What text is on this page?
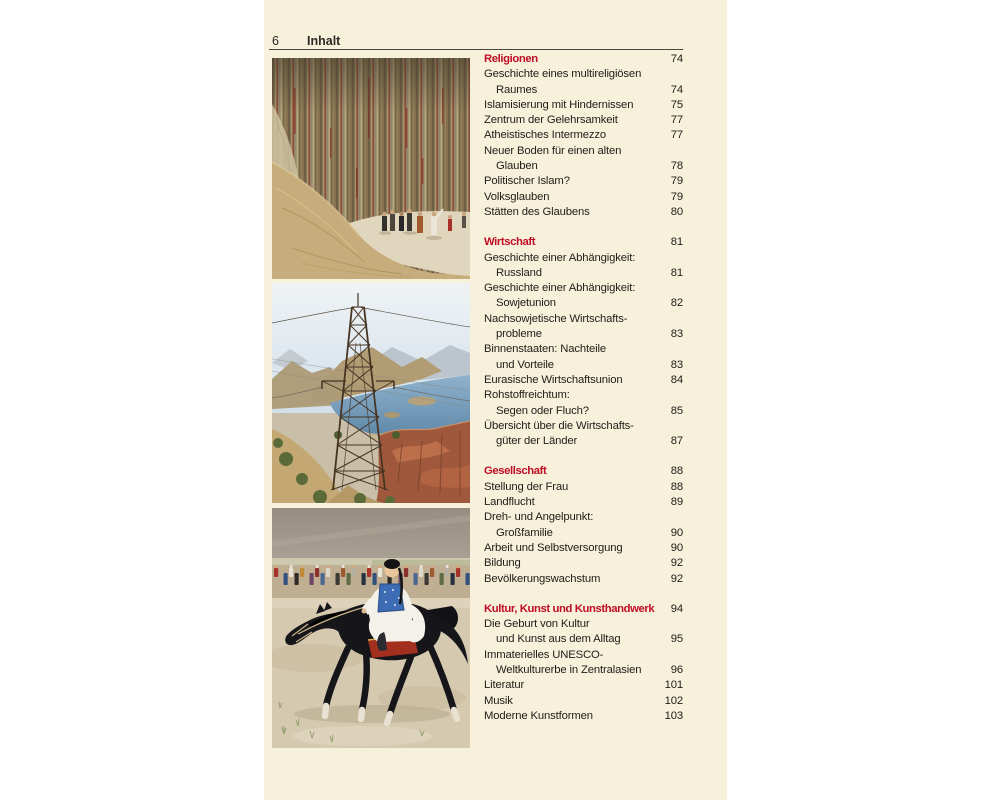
6 Inhalt
Religionen	74
Geschichte eines multireligiösen
Raumes	74
Islamisierung mit Hindernissen	75
Zentrum der Gelehrsamkeit	77
Atheistisches Intermezzo	77
Neuer Boden für einen alten
Glauben	78
Politischer Islam?	79
Volksglauben	79
Stätten des Glaubens	80
Wirtschaft	81
Geschichte einer Abhängigkeit:
Russland	81
Geschichte einer Abhängigkeit:
Sowjetunion	82
Nachsowjetische Wirtschafts-
probleme	83
Binnenstaaten: Nachteile
und Vorteile	83
Eurasische Wirtschaftsunion	84
Rohstoffreichtum:
Segen oder Fluch?	85
Übersicht über die Wirtschafts-
güter der Länder	87
Gesellschaft	88
Stellung der Frau	88
Landflucht	89
Dreh- und Angelpunkt:
Großfamilie	90
Arbeit und Selbstversorgung	90
Bildung	92
Bevölkerungswachstum	92
Kultur, Kunst und Kunsthandwerk	94
Die Geburt von Kultur
und Kunst aus dem Alltag	95
Immaterielles UNESCO-
Weltkulturerbe in Zentralasien	96
Literatur	101
Musik	102
Moderne Kunstformen	103
